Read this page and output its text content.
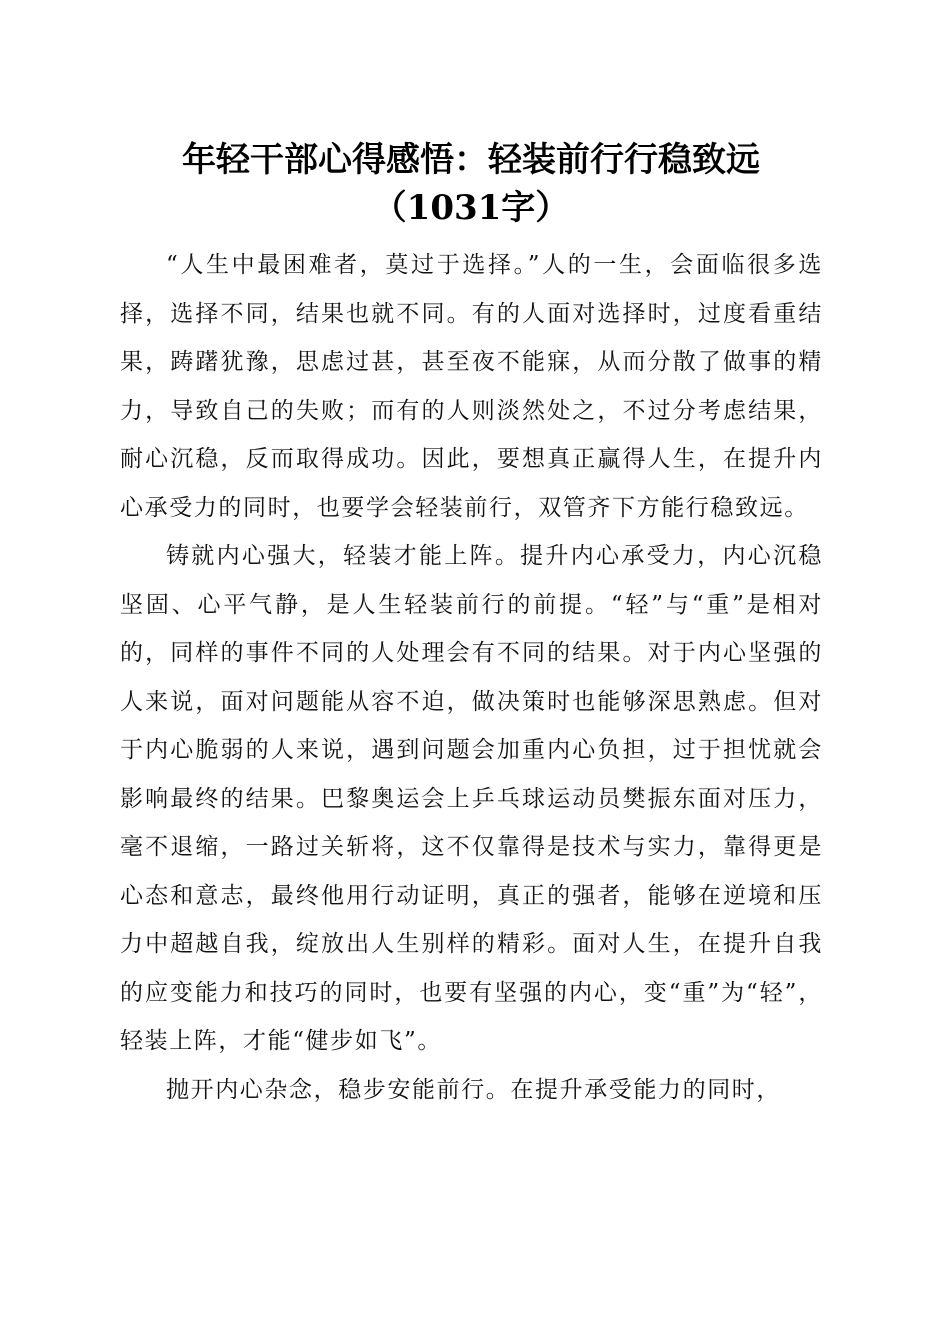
年轻干部心得感悟：轻装前行行稳致远（1031字）

“人生中最困难者，莫过于选择。”人的一生，会面临很多选择，选择不同，结果也就不同。有的人面对选择时，过度看重结果，踌躇犹豫，思虑过甚，甚至夜不能寐，从而分散了做事的精力，导致自己的失败；而有的人则淡然处之，不过分考虑结果，耐心沉稳，反而取得成功。因此，要想真正赢得人生，在提升内心承受力的同时，也要学会轻装前行，双管齐下方能行稳致远。

铸就内心强大，轻装才能上阵。提升内心承受力，内心沉稳坚固、心平气静，是人生轻装前行的前提。“轻”与“重”是相对的，同样的事件不同的人处理会有不同的结果。对于内心坚强的人来说，面对问题能从容不迫，做决策时也能够深思熟虑。但对于内心脆弱的人来说，遇到问题会加重内心负担，过于担忧就会影响最终的结果。巴黎奥运会上乒乓球运动员樊振东面对压力，毫不退缩，一路过关斩将，这不仅靠得是技术与实力，靠得更是心态和意志，最终他用行动证明，真正的强者，能够在逆境和压力中超越自我，绽放出人生别样的精彩。面对人生，在提升自我的应变能力和技巧的同时，也要有坚强的内心，变“重”为“轻”，轻装上阵，才能“健步如飞”。

抛开内心杂念，稳步安能前行。在提升承受能力的同时，
